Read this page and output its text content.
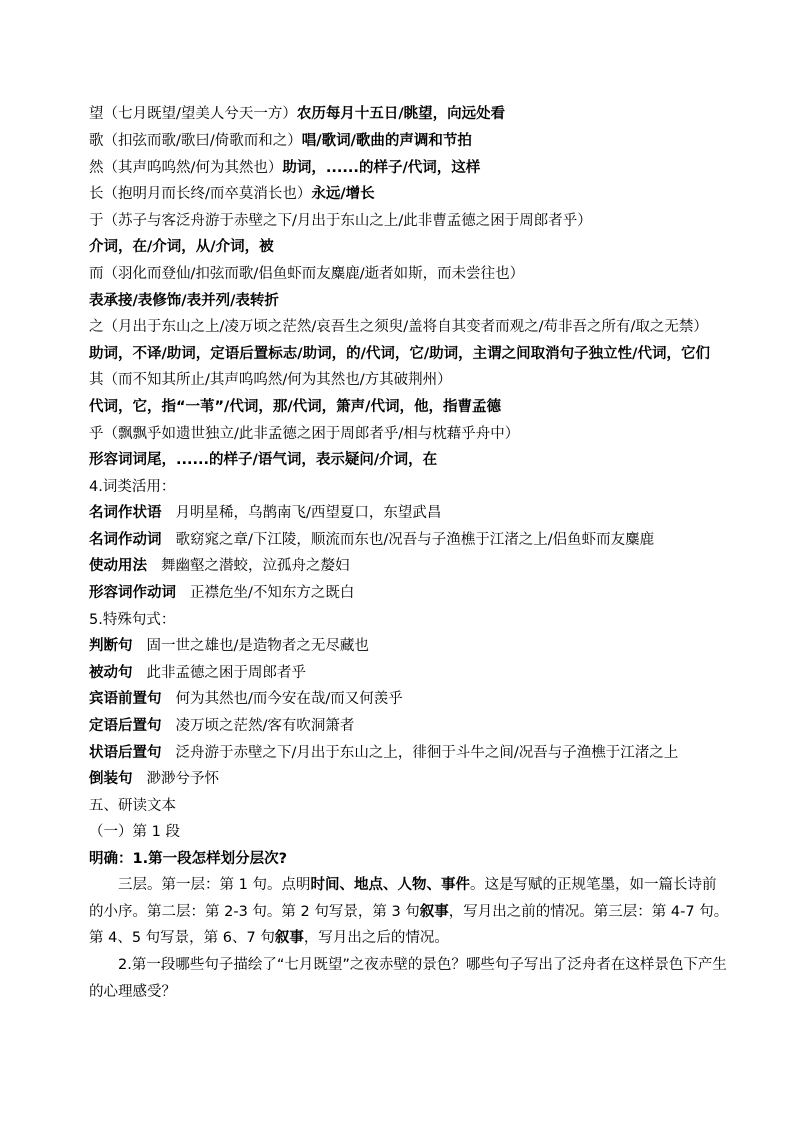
望（七月既望/望美人兮天一方）农历每月十五日/眺望，向远处看
歌（扣弦而歌/歌曰/倚歌而和之）唱/歌词/歌曲的声调和节拍
然（其声呜呜然/何为其然也）助词，......的样子/代词，这样
长（抱明月而长终/而卒莫消长也）永远/增长
于（苏子与客泛舟游于赤壁之下/月出于东山之上/此非曹孟德之困于周郎者乎）
介词，在/介词，从/介词，被
而（羽化而登仙/扣弦而歌/侣鱼虾而友麋鹿/逝者如斯，而未尝往也）
表承接/表修饰/表并列/表转折
之（月出于东山之上/凌万顷之茫然/哀吾生之须臾/盖将自其变者而观之/苟非吾之所有/取之无禁）
助词，不译/助词，定语后置标志/助词，的/代词，它/助词，主谓之间取消句子独立性/代词，它们
其（而不知其所止/其声呜呜然/何为其然也/方其破荆州）
代词，它，指“一苇”/代词，那/代词，箫声/代词，他，指曹孟德
乎（飘飘乎如遗世独立/此非孟德之困于周郎者乎/相与枕藉乎舟中）
形容词词尾，......的样子/语气词，表示疑问/介词，在
4.词类活用：
名词作状语 月明星稀，乌鹊南飞/西望夏口，东望武昌
名词作动词 歌窈窕之章/下江陵，顺流而东也/况吾与子渔樵于江渚之上/侣鱼虾而友麋鹿
使动用法 舞幽壑之潜蛟，泣孤舟之嫠妇
形容词作动词 正襟危坐/不知东方之既白
5.特殊句式：
判断句 固一世之雄也/是造物者之无尽藏也
被动句 此非孟德之困于周郎者乎
宾语前置句 何为其然也/而今安在哉/而又何羡乎
定语后置句 凌万顷之茫然/客有吹洞箫者
状语后置句 泛舟游于赤壁之下/月出于东山之上，徘徊于斗牛之间/况吾与子渔樵于江渚之上
倒装句 渺渺兮予怀
五、研读文本
（一）第 1 段
明确：1.第一段怎样划分层次?
三层。第一层：第 1 句。点明时间、地点、人物、事件。这是写赋的正规笔墨，如一篇长诗前的小序。第二层：第 2-3 句。第 2 句写景，第 3 句叙事，写月出之前的情况。第三层：第 4-7 句。第 4、5 句写景，第 6、7 句叙事，写月出之后的情况。
2.第一段哪些句子描绘了“七月既望”之夜赤壁的景色？哪些句子写出了泛舟者在这样景色下产生的心理感受？
